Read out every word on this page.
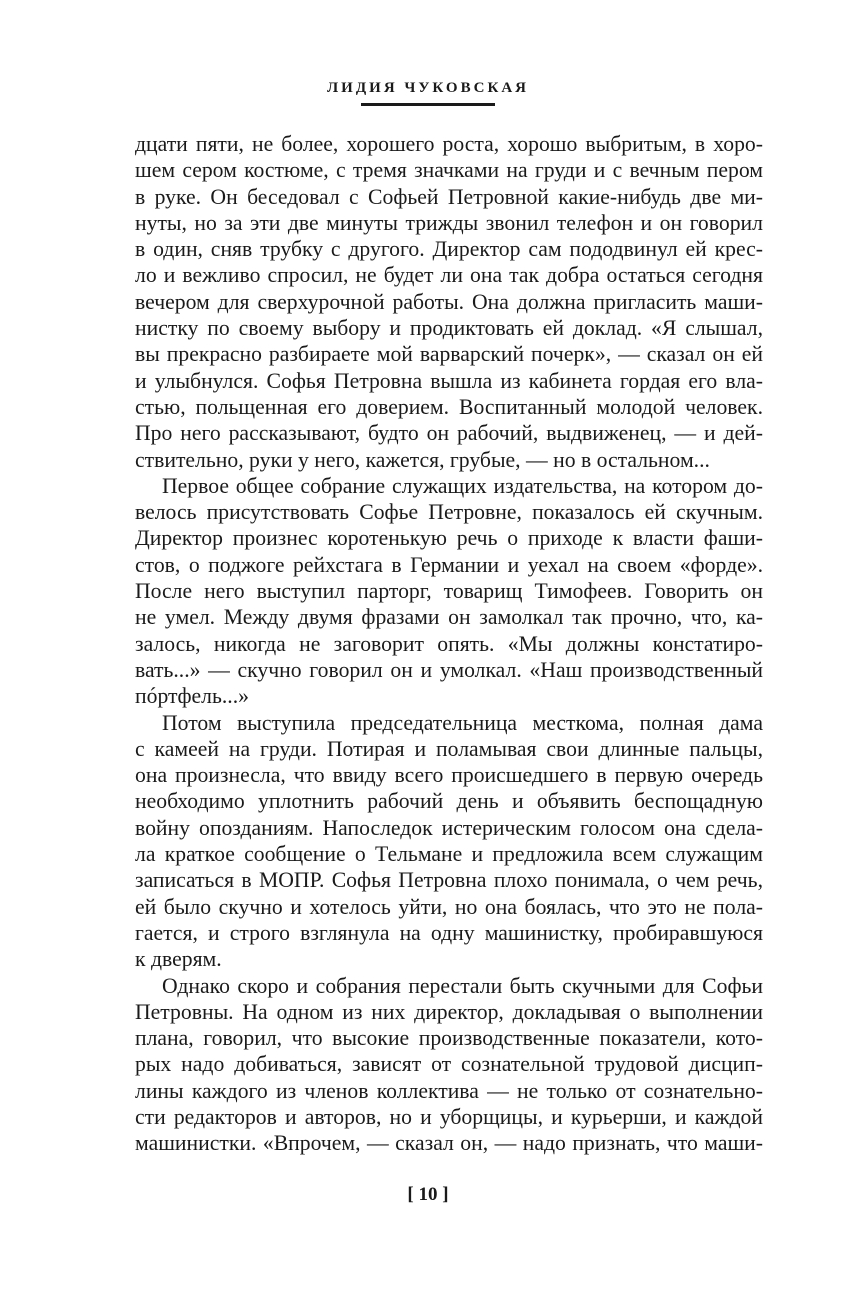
ЛИДИЯ ЧУКОВСКАЯ
дцати пяти, не более, хорошего роста, хорошо выбритым, в хоро-
шем сером костюме, с тремя значками на груди и с вечным пером
в руке. Он беседовал с Софьей Петровной какие-нибудь две ми-
нуты, но за эти две минуты трижды звонил телефон и он говорил
в один, сняв трубку с другого. Директор сам пододвинул ей крес-
ло и вежливо спросил, не будет ли она так добра остаться сегодня
вечером для сверхурочной работы. Она должна пригласить маши-
нистку по своему выбору и продиктовать ей доклад. «Я слышал,
вы прекрасно разбираете мой варварский почерк», — сказал он ей
и улыбнулся. Софья Петровна вышла из кабинета гордая его вла-
стью, польщенная его доверием. Воспитанный молодой человек.
Про него рассказывают, будто он рабочий, выдвиженец, — и дей-
ствительно, руки у него, кажется, грубые, — но в остальном...
Первое общее собрание служащих издательства, на котором до-
велось присутствовать Софье Петровне, показалось ей скучным.
Директор произнес коротенькую речь о приходе к власти фаши-
стов, о поджоге рейхстага в Германии и уехал на своем «форде».
После него выступил парторг, товарищ Тимофеев. Говорить он
не умел. Между двумя фразами он замолкал так прочно, что, ка-
залось, никогда не заговорит опять. «Мы должны констатиро-
вать...» — скучно говорил он и умолкал. «Наш производственный
пóртфель...»
Потом выступила председательница месткома, полная дама
с камеей на груди. Потирая и поламывая свои длинные пальцы,
она произнесла, что ввиду всего происшедшего в первую очередь
необходимо уплотнить рабочий день и объявить беспощадную
войну опозданиям. Напоследок истерическим голосом она сдела-
ла краткое сообщение о Тельмане и предложила всем служащим
записаться в МОПР. Софья Петровна плохо понимала, о чем речь,
ей было скучно и хотелось уйти, но она боялась, что это не пола-
гается, и строго взглянула на одну машинистку, пробиравшуюся
к дверям.
Однако скоро и собрания перестали быть скучными для Софьи
Петровны. На одном из них директор, докладывая о выполнении
плана, говорил, что высокие производственные показатели, кото-
рых надо добиваться, зависят от сознательной трудовой дисцип-
лины каждого из членов коллектива — не только от сознательно-
сти редакторов и авторов, но и уборщицы, и курьерши, и каждой
машинистки. «Впрочем, — сказал он, — надо признать, что маши-
[ 10 ]
